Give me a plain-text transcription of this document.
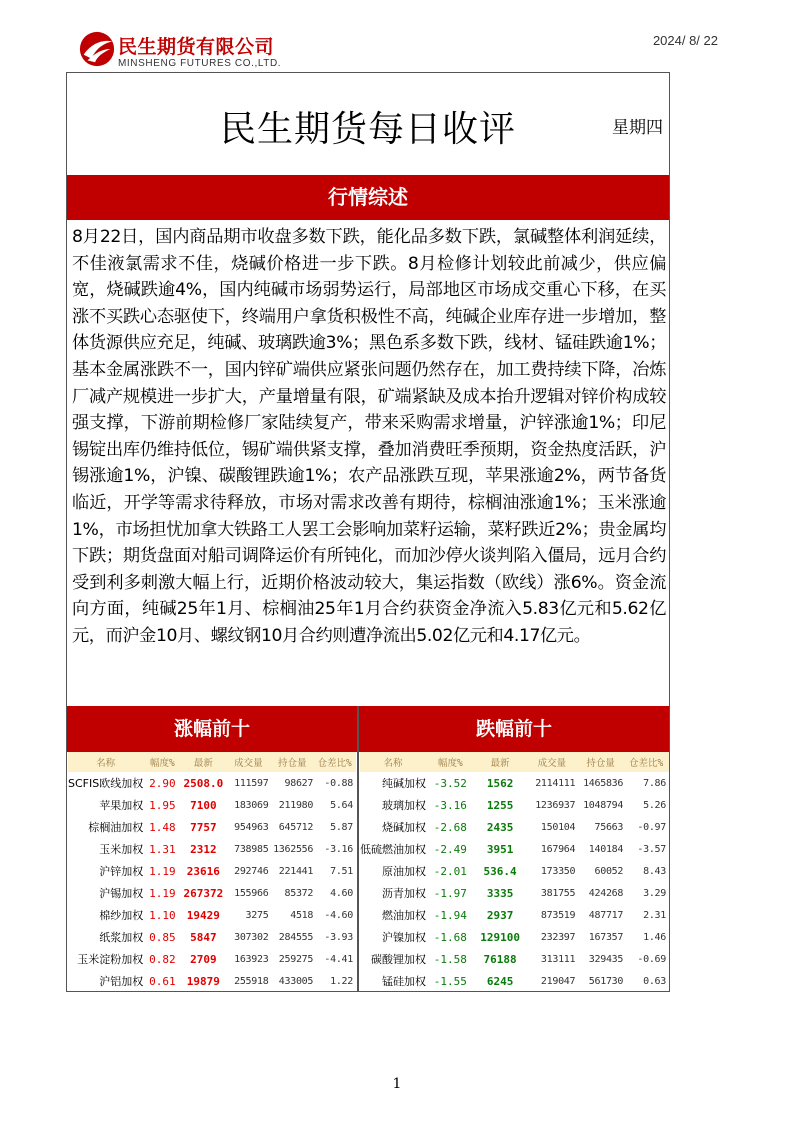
民生期货有限公司
MINSHENG FUTURES CO.,LTD.
2024/ 8/ 22
民生期货每日收评	星期四
行情综述
8月22日，国内商品期市收盘多数下跌，能化品多数下跌，氯碱整体利润延续，不佳液氯需求不佳，烧碱价格进一步下跌。8月检修计划较此前减少，供应偏宽，烧碱跌逾4%，国内纯碱市场弱势运行，局部地区市场成交重心下移，在买涨不买跌心态驱使下，终端用户拿货积极性不高，纯碱企业库存进一步增加，整体货源供应充足，纯碱、玻璃跌逾3%；黑色系多数下跌，线材、锰硅跌逾1%；基本金属涨跌不一，国内锌矿端供应紧张问题仍然存在，加工费持续下降，冶炼厂减产规模进一步扩大，产量增量有限，矿端紧缺及成本抬升逻辑对锌价构成较强支撑，下游前期检修厂家陆续复产，带来采购需求增量，沪锌涨逾1%；印尼锡锭出库仍维持低位，锡矿端供紧支撑，叠加消费旺季预期，资金热度活跃，沪锡涨逾1%，沪镍、碳酸锂跌逾1%；农产品涨跌互现，苹果涨逾2%，两节备货临近，开学等需求待释放，市场对需求改善有期待，棕榈油涨逾1%；玉米涨逾1%，市场担忧加拿大铁路工人罢工会影响加菜籽运输，菜籽跌近2%；贵金属均下跌；期货盘面对船司调降运价有所钝化，而加沙停火谈判陷入僵局，远月合约受到利多刺激大幅上行，近期价格波动较大，集运指数（欧线）涨6%。资金流向方面，纯碱25年1月、棕榈油25年1月合约获资金净流入5.83亿元和5.62亿元，而沪金10月、螺纹钢10月合约则遭净流出5.02亿元和4.17亿元。
涨幅前十	跌幅前十
名称	幅度%	最新	成交量	持仓量	仓差比%
SCFIS欧线加权	2.90	2508.0	111597	98627	-0.88
苹果加权	1.95	7100	183069	211980	5.64
棕榈油加权	1.48	7757	954963	645712	5.87
玉米加权	1.31	2312	738985	1362556	-3.16
沪锌加权	1.19	23616	292746	221441	7.51
沪锡加权	1.19	267372	155966	85372	4.60
棉纱加权	1.10	19429	3275	4518	-4.60
纸浆加权	0.85	5847	307302	284555	-3.93
玉米淀粉加权	0.82	2709	163923	259275	-4.41
沪铝加权	0.61	19879	255918	433005	1.22
名称	幅度%	最新	成交量	持仓量	仓差比%
纯碱加权	-3.52	1562	2114111	1465836	7.86
玻璃加权	-3.16	1255	1236937	1048794	5.26
烧碱加权	-2.68	2435	150104	75663	-0.97
低硫燃油加权	-2.49	3951	167964	140184	-3.57
原油加权	-2.01	536.4	173350	60052	8.43
沥青加权	-1.97	3335	381755	424268	3.29
燃油加权	-1.94	2937	873519	487717	2.31
沪镍加权	-1.68	129100	232397	167357	1.46
碳酸锂加权	-1.58	76188	313111	329435	-0.69
锰硅加权	-1.55	6245	219047	561730	0.63
1
